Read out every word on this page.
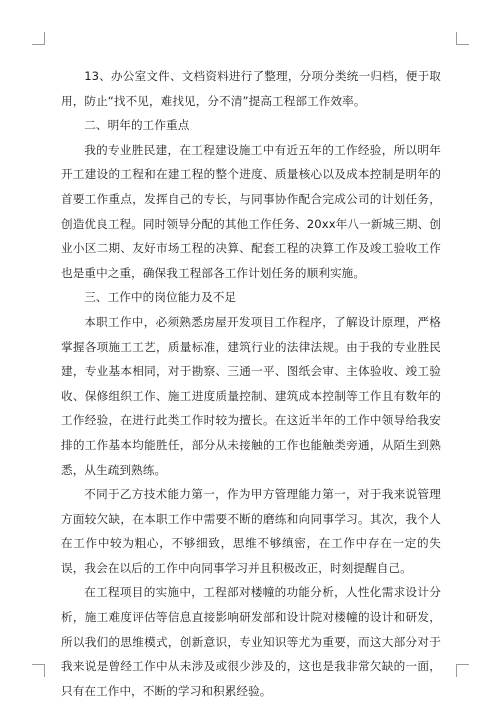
13、办公室文件、文档资料进行了整理，分项分类统一归档，便于取用，防止“找不见，难找见，分不清”提高工程部工作效率。

二、明年的工作重点

我的专业胜民建，在工程建设施工中有近五年的工作经验，所以明年开工建设的工程和在建工程的整个进度、质量核心以及成本控制是明年的首要工作重点，发挥自己的专长，与同事协作配合完成公司的计划任务，创造优良工程。同时领导分配的其他工作任务、20xx年八一新城三期、创业小区二期、友好市场工程的决算、配套工程的决算工作及竣工验收工作也是重中之重，确保我工程部各工作计划任务的顺利实施。

三、工作中的岗位能力及不足

本职工作中，必须熟悉房屋开发项目工作程序，了解设计原理，严格掌握各项施工工艺，质量标准，建筑行业的法律法规。由于我的专业胜民建，专业基本相同，对于勘察、三通一平、图纸会审、主体验收、竣工验收、保修组织工作、施工进度质量控制、建筑成本控制等工作且有数年的工作经验，在进行此类工作时较为擅长。在这近半年的工作中领导给我安排的工作基本均能胜任，部分从未接触的工作也能触类旁通，从陌生到熟悉，从生疏到熟练。

不同于乙方技术能力第一，作为甲方管理能力第一，对于我来说管理方面较欠缺，在本职工作中需要不断的磨练和向同事学习。其次，我个人在工作中较为粗心，不够细致，思维不够缜密，在工作中存在一定的失误，我会在以后的工作中向同事学习并且积极改正，时刻提醒自己。

在工程项目的实施中，工程部对楼幢的功能分析，人性化需求设计分析，施工难度评估等信息直接影响研发部和设计院对楼幢的设计和研发，所以我们的思维模式，创新意识，专业知识等尤为重要，而这大部分对于我来说是曾经工作中从未涉及或很少涉及的，这也是我非常欠缺的一面，只有在工作中，不断的学习和积累经验。
